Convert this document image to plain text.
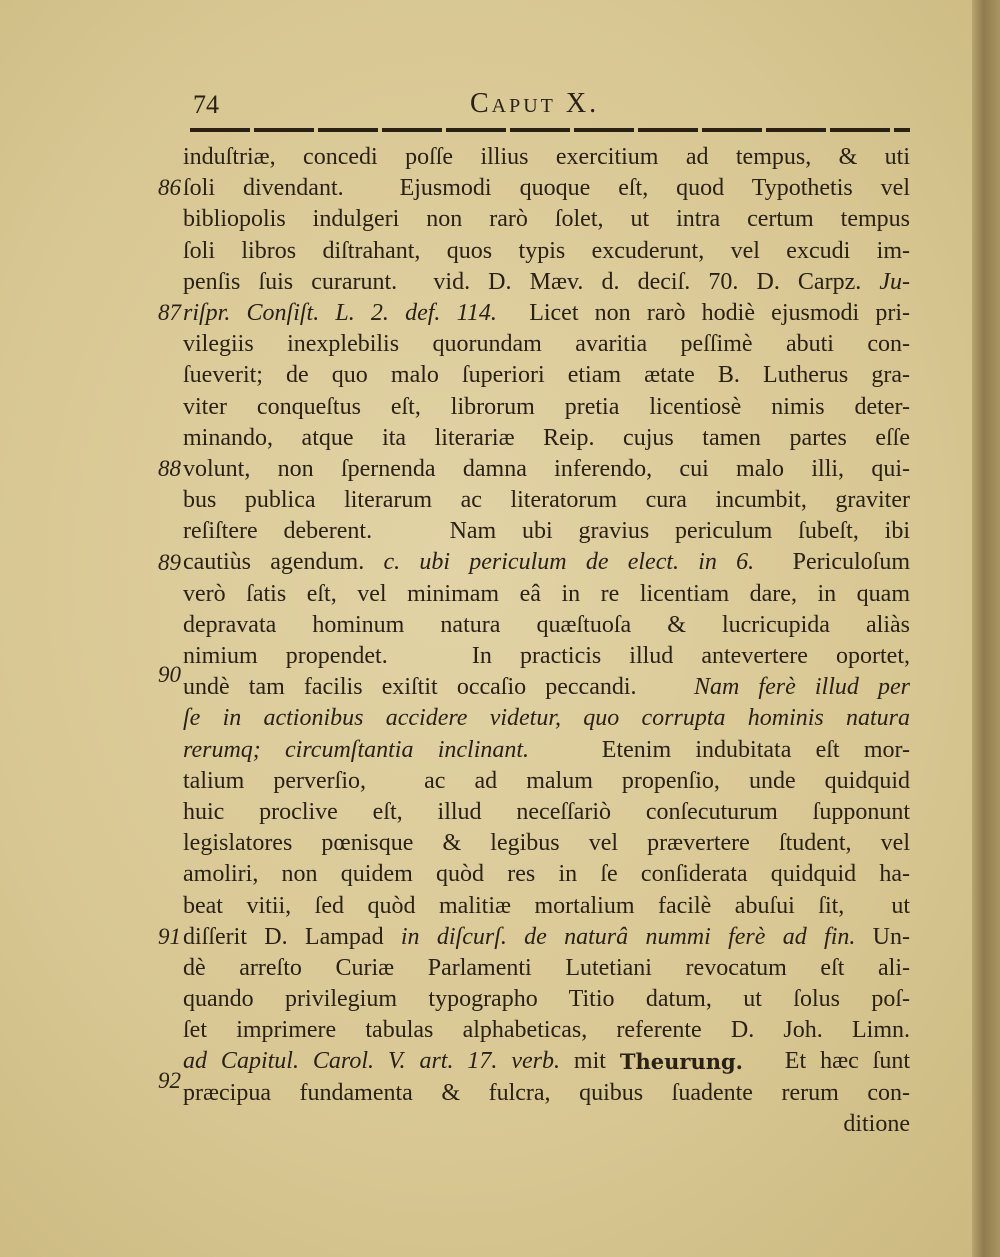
74	Caput X.
induſtriæ, concedi poſſe illius exercitium ad tempus, & uti
ſoli divendant.  Ejusmodi quoque eſt, quod Typothetis vel
bibliopolis indulgeri non rarò ſolet, ut intra certum tempus
ſoli libros diſtrahant, quos typis excuderunt, vel excudi im-
penſis ſuis curarunt.  vid. D. Mæv. d. deciſ. 70. D. Carpz. Ju-
riſpr. Conſiſt. L. 2. def. 114. Licet non rarò hodiè ejusmodi pri-
vilegiis inexplebilis quorundam avaritia peſſimè abuti con-
ſueverit; de quo malo ſuperiori etiam ætate B. Lutherus gra-
viter conqueſtus eſt, librorum pretia licentiosè nimis deter-
minando, atque ita literariæ Reip. cujus tamen partes eſſe
volunt, non ſpernenda damna inferendo, cui malo illi, qui-
bus publica literarum ac literatorum cura incumbit, graviter
reſiſtere deberent.   Nam ubi gravius periculum ſubeſt, ibi
cautiùs agendum. c. ubi periculum de elect. in 6. Periculoſum
verò ſatis eſt, vel minimam eâ in re licentiam dare, in quam
depravata hominum natura quæſtuoſa & lucricupida aliàs
nimium propendet.   In practicis illud antevertere oportet,
undè tam facilis exiſtit occaſio peccandi. Nam ferè illud per
ſe in actionibus accidere videtur, quo corrupta hominis natura
rerumq; circumſtantia inclinant. Etenim indubitata eſt mor-
talium perverſio,  ac ad malum propenſio, unde quidquid
huic proclive eſt, illud neceſſariò conſecuturum ſupponunt
legislatores pœnisque & legibus vel prævertere ſtudent, vel
amoliri, non quidem quòd res in ſe conſiderata quidquid ha-
beat vitii, ſed quòd malitiæ mortalium facilè abuſui ſit,  ut
diſſerit D. Lampad in diſcurſ. de naturâ nummi ferè ad fin. Un-
dè arreſto Curiæ Parlamenti Lutetiani revocatum eſt ali-
quando privilegium typographo Titio datum, ut ſolus poſ-
ſet imprimere tabulas alphabeticas, referente D. Joh. Limn.
ad Capitul. Carol. V. art. 17. verb. mit Theurung. Et hæc ſunt
præcipua fundamenta & fulcra, quibus ſuadente rerum con-
ditione
86
87
88
89
90
91
92
